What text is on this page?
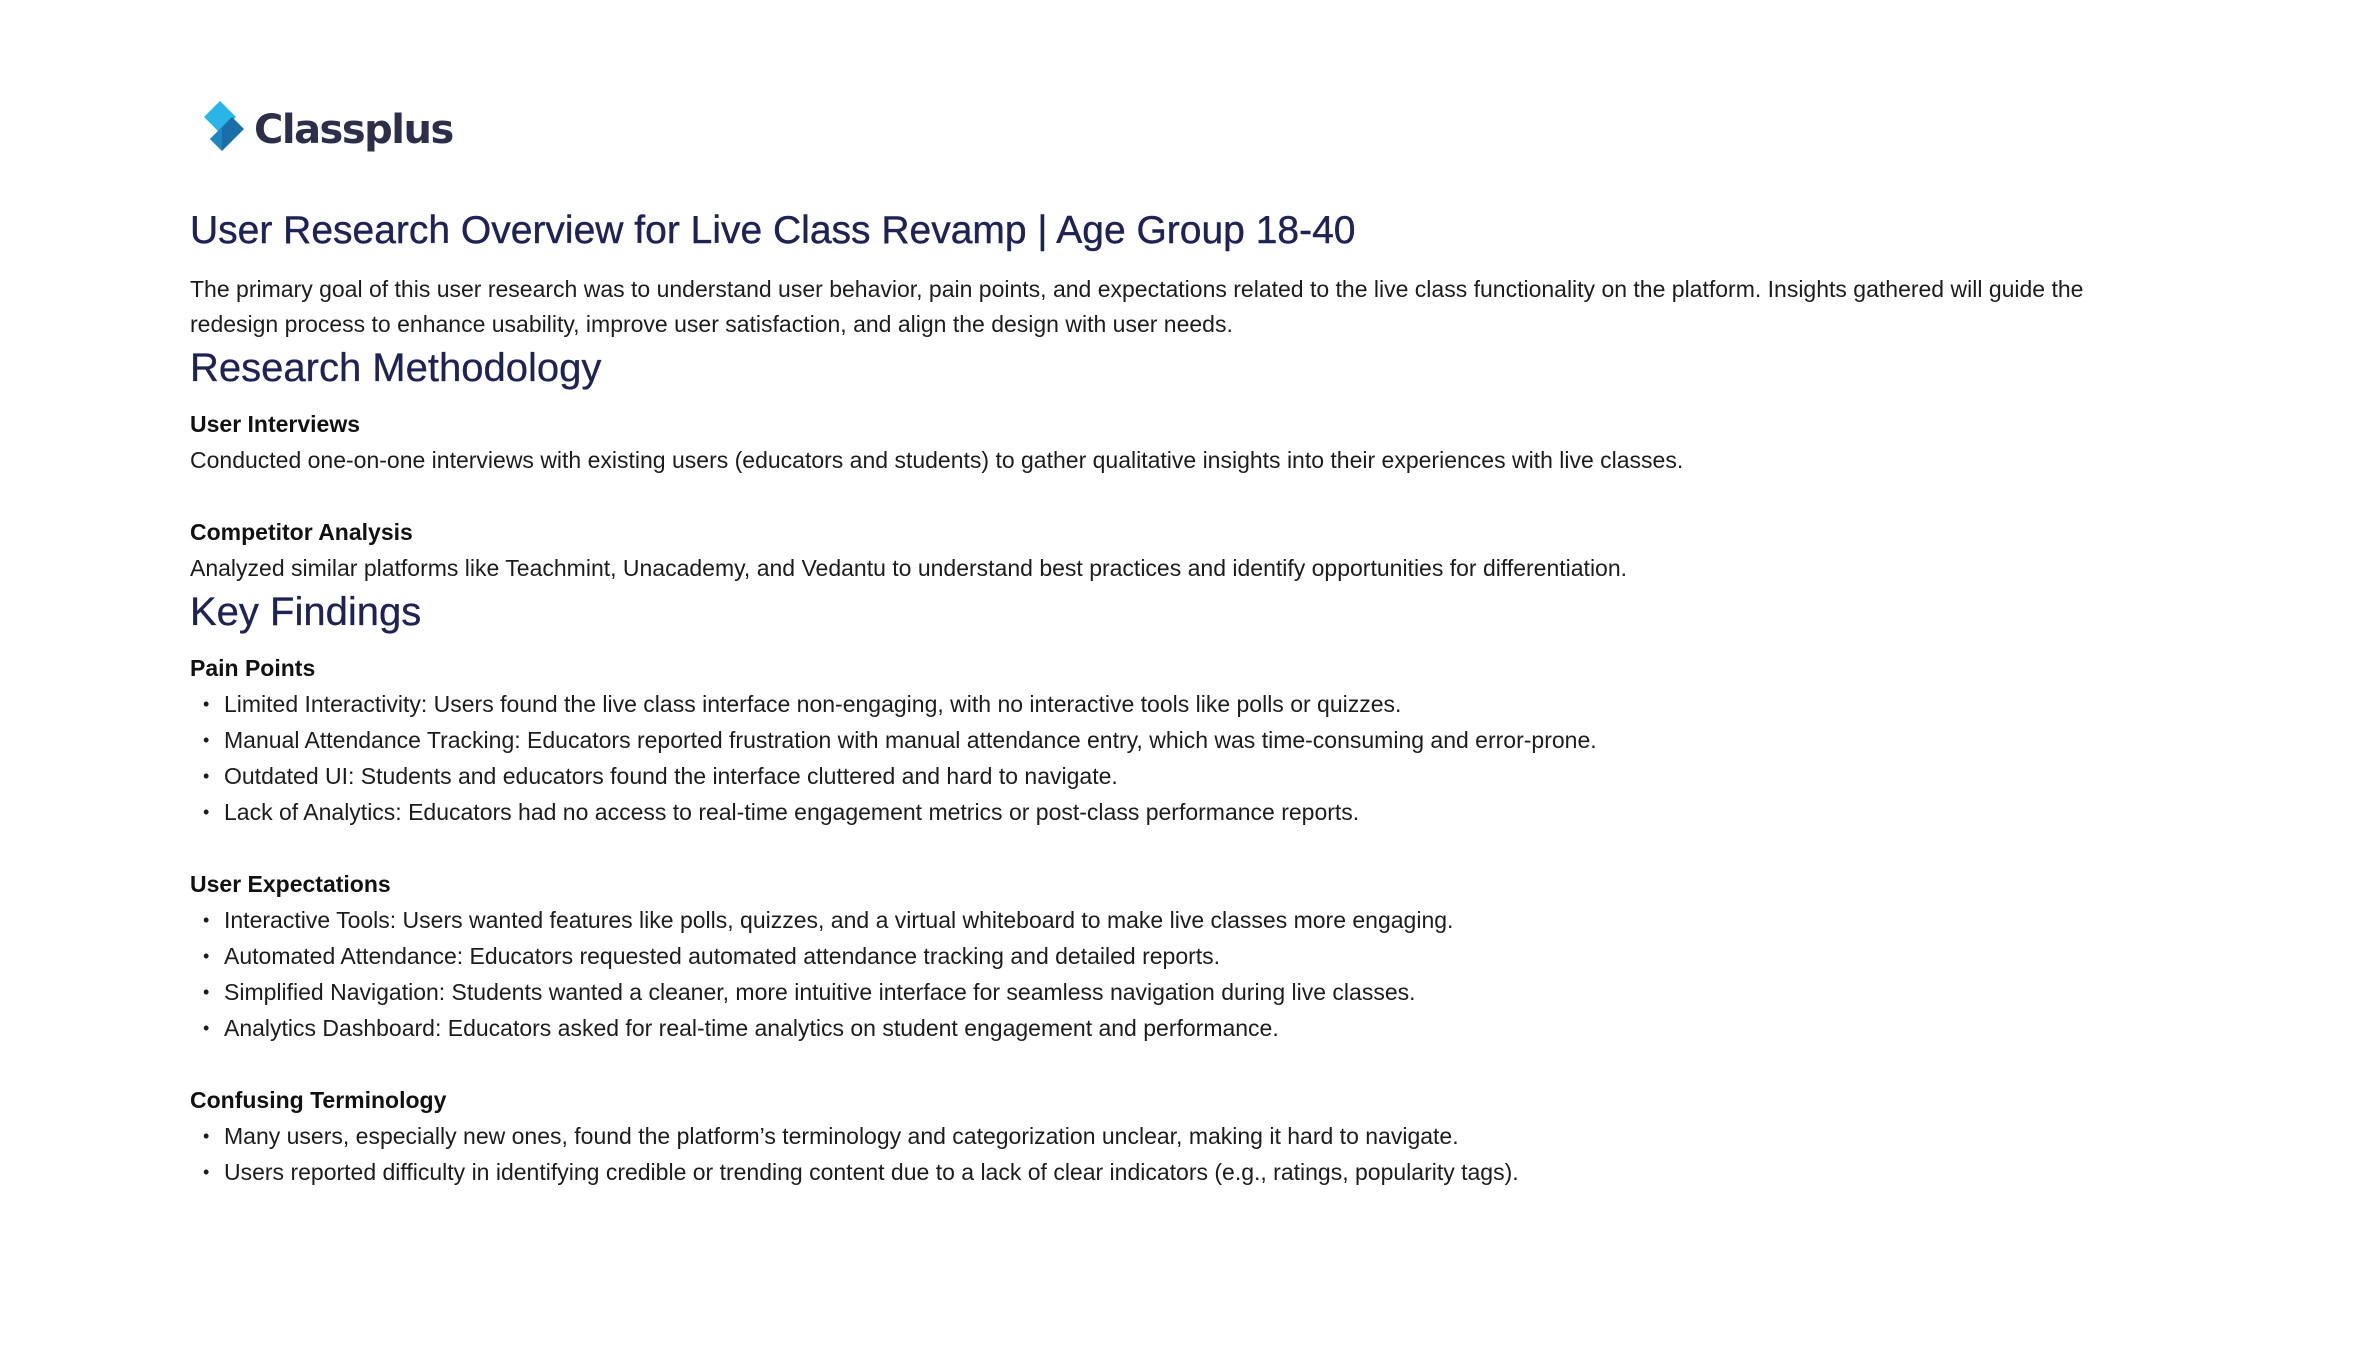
Classplus
User Research Overview for Live Class Revamp | Age Group 18-40

The primary goal of this user research was to understand user behavior, pain points, and expectations related to the live class functionality on the platform. Insights gathered will guide the redesign process to enhance usability, improve user satisfaction, and align the design with user needs.

Research Methodology
User Interviews

Conducted one-on-one interviews with existing users (educators and students) to gather qualitative insights into their experiences with live classes.

Competitor Analysis

Analyzed similar platforms like Teachmint, Unacademy, and Vedantu to understand best practices and identify opportunities for differentiation.

Key Findings
Pain Points
• Limited Interactivity: Users found the live class interface non-engaging, with no interactive tools like polls or quizzes.
• Manual Attendance Tracking: Educators reported frustration with manual attendance entry, which was time-consuming and error-prone.
• Outdated UI: Students and educators found the interface cluttered and hard to navigate.
• Lack of Analytics: Educators had no access to real-time engagement metrics or post-class performance reports.
User Expectations
• Interactive Tools: Users wanted features like polls, quizzes, and a virtual whiteboard to make live classes more engaging.
• Automated Attendance: Educators requested automated attendance tracking and detailed reports.
• Simplified Navigation: Students wanted a cleaner, more intuitive interface for seamless navigation during live classes.
• Analytics Dashboard: Educators asked for real-time analytics on student engagement and performance.
Confusing Terminology
• Many users, especially new ones, found the platform’s terminology and categorization unclear, making it hard to navigate.
• Users reported difficulty in identifying credible or trending content due to a lack of clear indicators (e.g., ratings, popularity tags).
